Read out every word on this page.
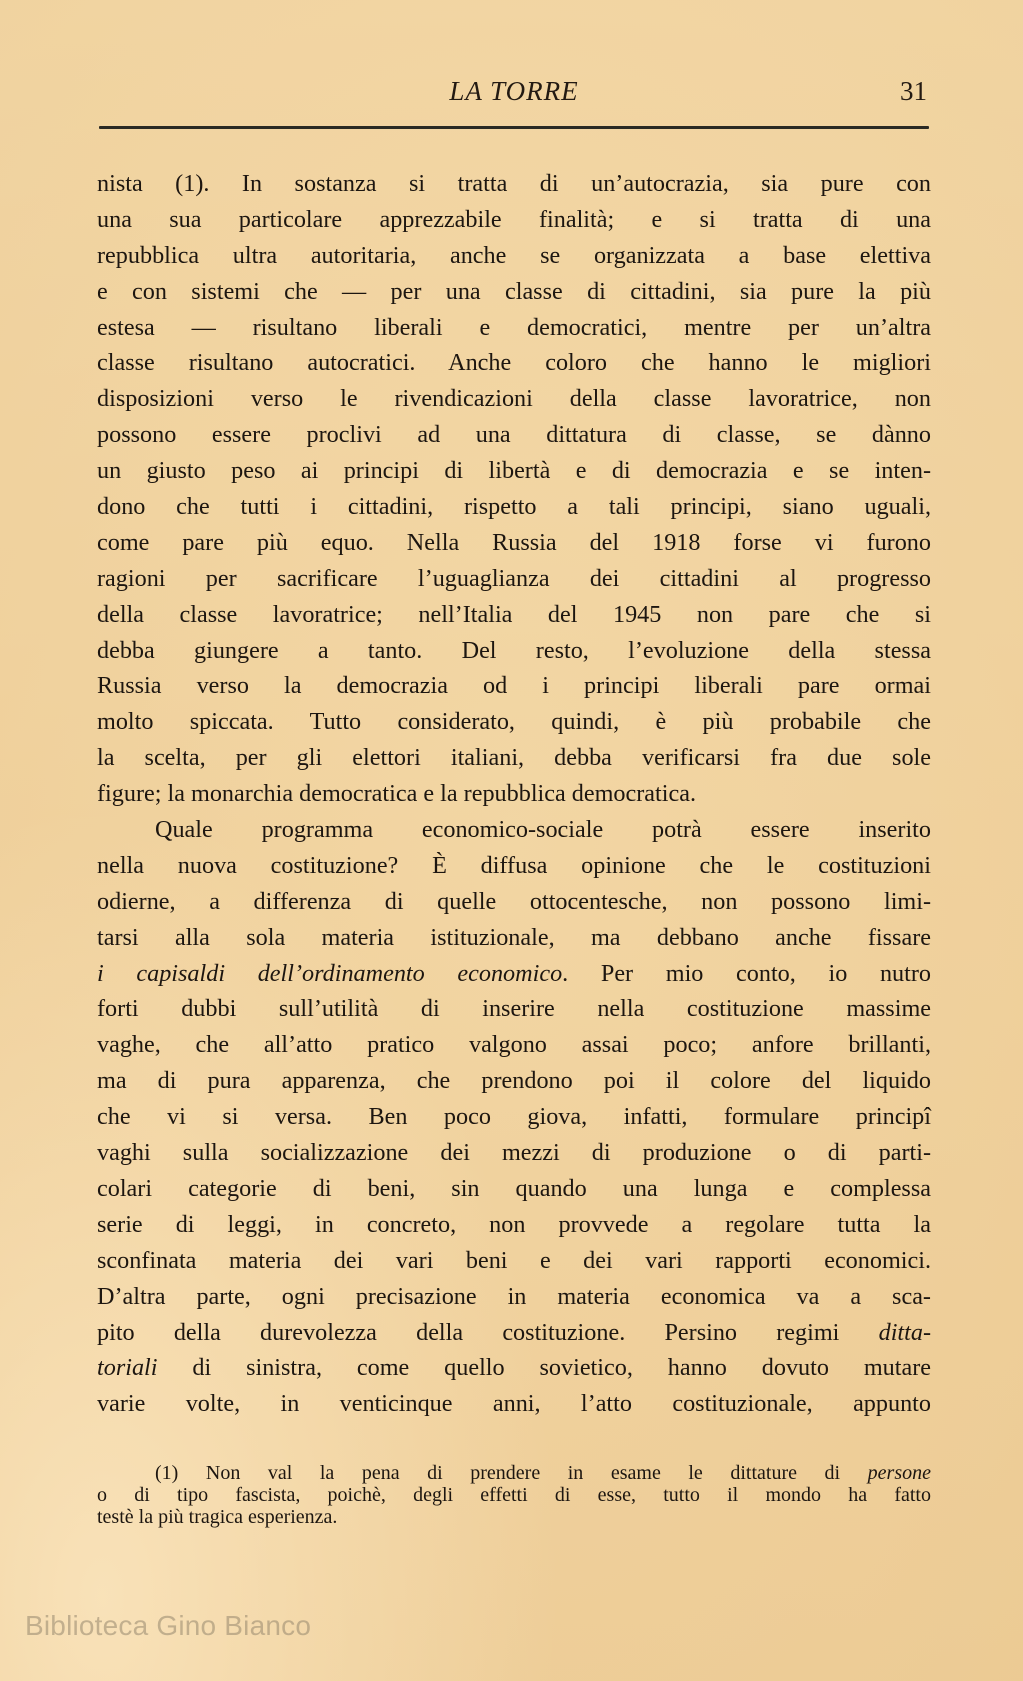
LA TORRE	31
nista (1). In sostanza si tratta di un’autocrazia, sia pure con
una sua particolare apprezzabile finalità; e si tratta di una
repubblica ultra autoritaria, anche se organizzata a base elettiva
e con sistemi che — per una classe di cittadini, sia pure la più
estesa — risultano liberali e democratici, mentre per un’altra
classe risultano autocratici. Anche coloro che hanno le migliori
disposizioni verso le rivendicazioni della classe lavoratrice, non
possono essere proclivi ad una dittatura di classe, se dànno
un giusto peso ai principi di libertà e di democrazia e se inten-
dono che tutti i cittadini, rispetto a tali principi, siano uguali,
come pare più equo. Nella Russia del 1918 forse vi furono
ragioni per sacrificare l’uguaglianza dei cittadini al progresso
della classe lavoratrice; nell’Italia del 1945 non pare che si
debba giungere a tanto. Del resto, l’evoluzione della stessa
Russia verso la democrazia od i principi liberali pare ormai
molto spiccata. Tutto considerato, quindi, è più probabile che
la scelta, per gli elettori italiani, debba verificarsi fra due sole
figure; la monarchia democratica e la repubblica democratica.
Quale programma economico-sociale potrà essere inserito
nella nuova costituzione? È diffusa opinione che le costituzioni
odierne, a differenza di quelle ottocentesche, non possono limi-
tarsi alla sola materia istituzionale, ma debbano anche fissare
i capisaldi dell’ordinamento economico. Per mio conto, io nutro
forti dubbi sull’utilità di inserire nella costituzione massime
vaghe, che all’atto pratico valgono assai poco; anfore brillanti,
ma di pura apparenza, che prendono poi il colore del liquido
che vi si versa. Ben poco giova, infatti, formulare principî
vaghi sulla socializzazione dei mezzi di produzione o di parti-
colari categorie di beni, sin quando una lunga e complessa
serie di leggi, in concreto, non provvede a regolare tutta la
sconfinata materia dei vari beni e dei vari rapporti economici.
D’altra parte, ogni precisazione in materia economica va a sca-
pito della durevolezza della costituzione. Persino regimi ditta-
toriali di sinistra, come quello sovietico, hanno dovuto mutare
varie volte, in venticinque anni, l’atto costituzionale, appunto
(1) Non val la pena di prendere in esame le dittature di persone
o di tipo fascista, poichè, degli effetti di esse, tutto il mondo ha fatto
testè la più tragica esperienza.
Biblioteca Gino Bianco
